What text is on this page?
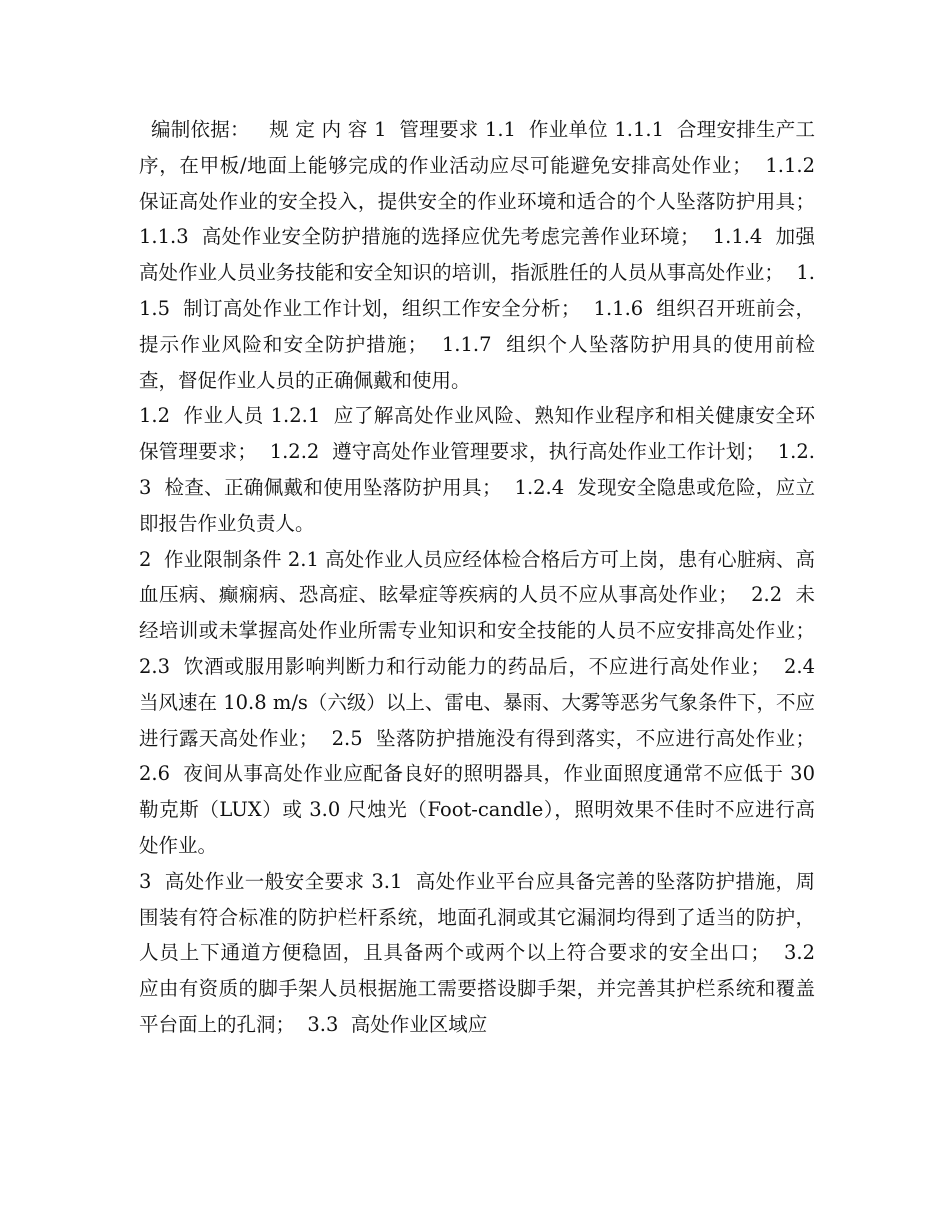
编制依据：   规 定 内 容 1  管理要求 1.1  作业单位 1.1.1  合理安排生产工序，在甲板/地面上能够完成的作业活动应尽可能避免安排高处作业；  1.1.2  保证高处作业的安全投入，提供安全的作业环境和适合的个人坠落防护用具；  1.1.3  高处作业安全防护措施的选择应优先考虑完善作业环境；  1.1.4  加强高处作业人员业务技能和安全知识的培训，指派胜任的人员从事高处作业；  1.1.5  制订高处作业工作计划，组织工作安全分析；  1.1.6  组织召开班前会，提示作业风险和安全防护措施；  1.1.7  组织个人坠落防护用具的使用前检查，督促作业人员的正确佩戴和使用。

1.2  作业人员 1.2.1  应了解高处作业风险、熟知作业程序和相关健康安全环保管理要求；  1.2.2  遵守高处作业管理要求，执行高处作业工作计划；  1.2.3  检查、正确佩戴和使用坠落防护用具；  1.2.4  发现安全隐患或危险，应立即报告作业负责人。

2  作业限制条件 2.1 高处作业人员应经体检合格后方可上岗，患有心脏病、高血压病、癫痫病、恐高症、眩晕症等疾病的人员不应从事高处作业；  2.2  未经培训或未掌握高处作业所需专业知识和安全技能的人员不应安排高处作业；  2.3  饮酒或服用影响判断力和行动能力的药品后，不应进行高处作业；  2.4  当风速在 10.8 m/s（六级）以上、雷电、暴雨、大雾等恶劣气象条件下，不应进行露天高处作业；  2.5  坠落防护措施没有得到落实，不应进行高处作业；  2.6  夜间从事高处作业应配备良好的照明器具，作业面照度通常不应低于 30 勒克斯（LUX）或 3.0 尺烛光（Foot-candle），照明效果不佳时不应进行高处作业。

3  高处作业一般安全要求 3.1  高处作业平台应具备完善的坠落防护措施，周围装有符合标准的防护栏杆系统，地面孔洞或其它漏洞均得到了适当的防护，人员上下通道方便稳固，且具备两个或两个以上符合要求的安全出口；  3.2  应由有资质的脚手架人员根据施工需要搭设脚手架，并完善其护栏系统和覆盖平台面上的孔洞；  3.3  高处作业区域应
